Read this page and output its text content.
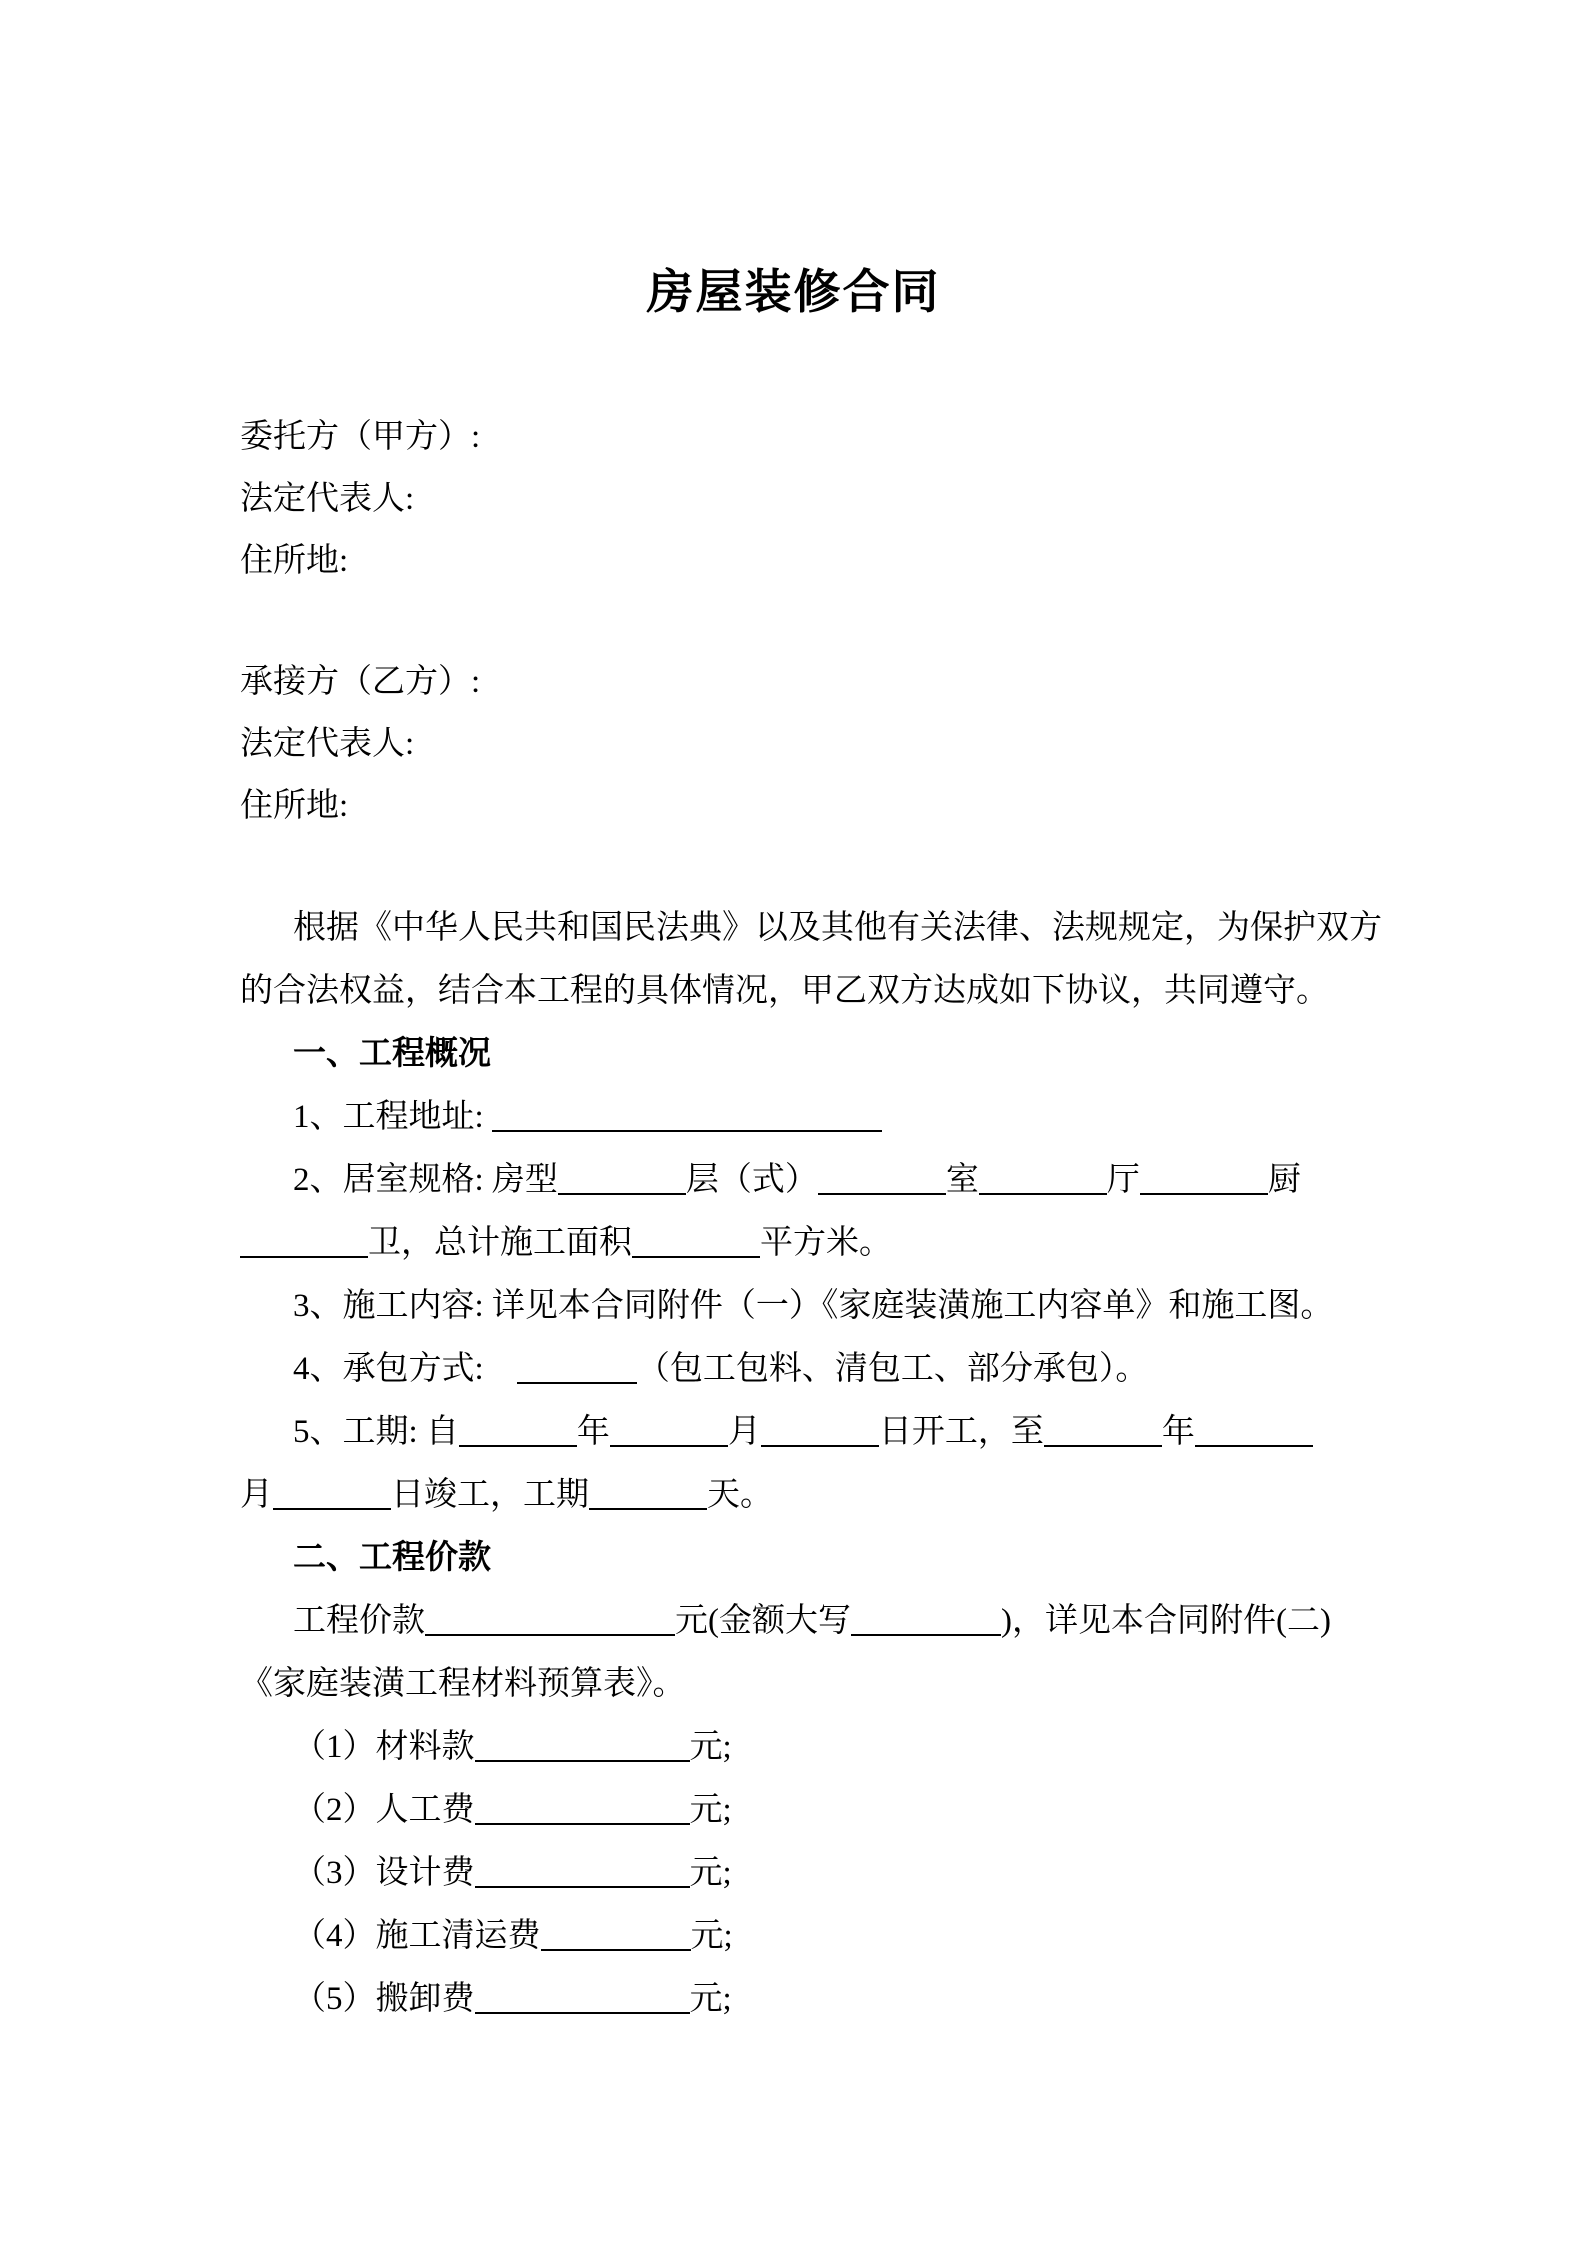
房屋装修合同
委托方（甲方）:
法定代表人:
住所地:
承接方（乙方）:
法定代表人:
住所地:
根据《中华人民共和国民法典》以及其他有关法律、法规规定，为保护双方
的合法权益，结合本工程的具体情况，甲乙双方达成如下协议，共同遵守。
一、工程概况
1、工程地址:
2、居室规格: 房型	层（式）	室	厅	厨
卫，总计施工面积	平方米。
3、施工内容: 详见本合同附件（一）《家庭装潢施工内容单》和施工图。
4、承包方式:	（包工包料、清包工、部分承包）。
5、工期: 自	年	月	日开工，至	年
月	日竣工，工期	天。
二、工程价款
工程价款	元(金额大写	)，详见本合同附件(二)
《家庭装潢工程材料预算表》。
（1）材料款	元;
（2）人工费	元;
（3）设计费	元;
（4）施工清运费	元;
（5）搬卸费	元;
